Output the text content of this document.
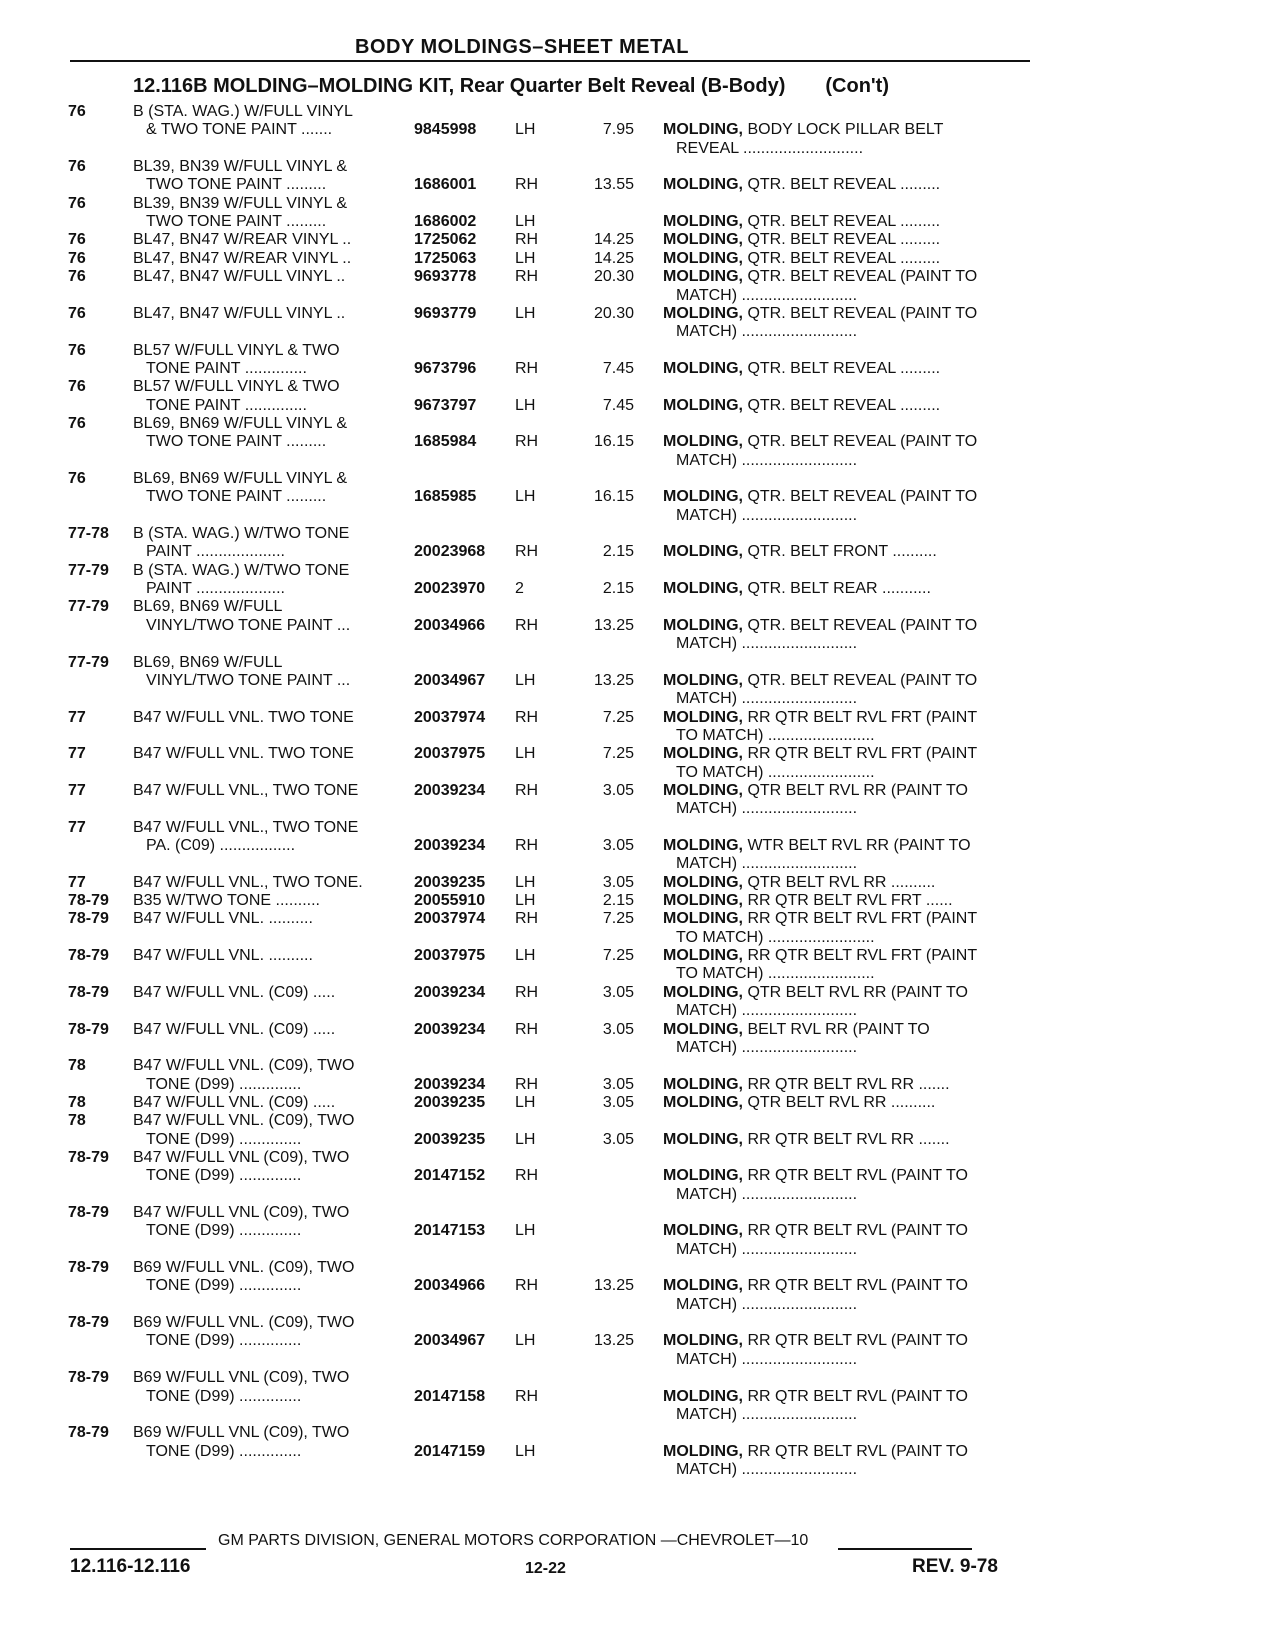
BODY MOLDINGS–SHEET METAL
12.116B MOLDING–MOLDING KIT, Rear Quarter Belt Reveal (B-Body) (Con't)
76	B (STA. WAG.) W/FULL VINYL
& TWO TONE PAINT .......	9845998 LH	7.95 MOLDING, BODY LOCK PILLAR BELT
REVEAL ...........................
76	BL39, BN39 W/FULL VINYL &
TWO TONE PAINT .........	1686001 RH	13.55 MOLDING, QTR. BELT REVEAL .........
76	BL39, BN39 W/FULL VINYL &
TWO TONE PAINT .........	1686002 LH	MOLDING, QTR. BELT REVEAL .........
76	BL47, BN47 W/REAR VINYL ..	1725062 RH	14.25 MOLDING, QTR. BELT REVEAL .........
76	BL47, BN47 W/REAR VINYL ..	1725063 LH	14.25 MOLDING, QTR. BELT REVEAL .........
76	BL47, BN47 W/FULL VINYL ..	9693778 RH	20.30 MOLDING, QTR. BELT REVEAL (PAINT TO
MATCH) ..........................
76	BL47, BN47 W/FULL VINYL ..	9693779 LH	20.30 MOLDING, QTR. BELT REVEAL (PAINT TO
MATCH) ..........................
76	BL57 W/FULL VINYL & TWO
TONE PAINT ..............	9673796 RH	7.45 MOLDING, QTR. BELT REVEAL .........
76	BL57 W/FULL VINYL & TWO
TONE PAINT ..............	9673797 LH	7.45 MOLDING, QTR. BELT REVEAL .........
76	BL69, BN69 W/FULL VINYL &
TWO TONE PAINT .........	1685984 RH	16.15 MOLDING, QTR. BELT REVEAL (PAINT TO
MATCH) ..........................
76	BL69, BN69 W/FULL VINYL &
TWO TONE PAINT .........	1685985 LH	16.15 MOLDING, QTR. BELT REVEAL (PAINT TO
MATCH) ..........................
77-78 B (STA. WAG.) W/TWO TONE
PAINT ....................	20023968 RH	2.15 MOLDING, QTR. BELT FRONT ..........
77-79 B (STA. WAG.) W/TWO TONE
PAINT ....................	20023970 2	2.15 MOLDING, QTR. BELT REAR ...........
77-79 BL69, BN69 W/FULL
VINYL/TWO TONE PAINT ...	20034966 RH	13.25 MOLDING, QTR. BELT REVEAL (PAINT TO
MATCH) ..........................
77-79 BL69, BN69 W/FULL
VINYL/TWO TONE PAINT ...	20034967 LH	13.25 MOLDING, QTR. BELT REVEAL (PAINT TO
MATCH) ..........................
77	B47 W/FULL VNL. TWO TONE	20037974 RH	7.25 MOLDING, RR QTR BELT RVL FRT (PAINT
TO MATCH) ........................
77	B47 W/FULL VNL. TWO TONE	20037975 LH	7.25 MOLDING, RR QTR BELT RVL FRT (PAINT
TO MATCH) ........................
77	B47 W/FULL VNL., TWO TONE	20039234 RH	3.05 MOLDING, QTR BELT RVL RR (PAINT TO
MATCH) ..........................
77	B47 W/FULL VNL., TWO TONE
PA. (C09) .................	20039234 RH	3.05 MOLDING, WTR BELT RVL RR (PAINT TO
MATCH) ..........................
77	B47 W/FULL VNL., TWO TONE.	20039235 LH	3.05 MOLDING, QTR BELT RVL RR ..........
78-79 B35 W/TWO TONE ..........	20055910 LH	2.15 MOLDING, RR QTR BELT RVL FRT ......
78-79 B47 W/FULL VNL. ..........	20037974 RH	7.25 MOLDING, RR QTR BELT RVL FRT (PAINT
TO MATCH) ........................
78-79 B47 W/FULL VNL. ..........	20037975 LH	7.25 MOLDING, RR QTR BELT RVL FRT (PAINT
TO MATCH) ........................
78-79 B47 W/FULL VNL. (C09) .....	20039234 RH	3.05 MOLDING, QTR BELT RVL RR (PAINT TO
MATCH) ..........................
78-79 B47 W/FULL VNL. (C09) .....	20039234 RH	3.05 MOLDING, BELT RVL RR (PAINT TO
MATCH) ..........................
78	B47 W/FULL VNL. (C09), TWO
TONE (D99) ..............	20039234 RH	3.05 MOLDING, RR QTR BELT RVL RR .......
78	B47 W/FULL VNL. (C09) .....	20039235 LH	3.05 MOLDING, QTR BELT RVL RR ..........
78	B47 W/FULL VNL. (C09), TWO
TONE (D99) ..............	20039235 LH	3.05 MOLDING, RR QTR BELT RVL RR .......
78-79 B47 W/FULL VNL (C09), TWO
TONE (D99) ..............	20147152 RH	MOLDING, RR QTR BELT RVL (PAINT TO
MATCH) ..........................
78-79 B47 W/FULL VNL (C09), TWO
TONE (D99) ..............	20147153 LH	MOLDING, RR QTR BELT RVL (PAINT TO
MATCH) ..........................
78-79 B69 W/FULL VNL. (C09), TWO
TONE (D99) ..............	20034966 RH	13.25 MOLDING, RR QTR BELT RVL (PAINT TO
MATCH) ..........................
78-79 B69 W/FULL VNL. (C09), TWO
TONE (D99) ..............	20034967 LH	13.25 MOLDING, RR QTR BELT RVL (PAINT TO
MATCH) ..........................
78-79 B69 W/FULL VNL (C09), TWO
TONE (D99) ..............	20147158 RH	MOLDING, RR QTR BELT RVL (PAINT TO
MATCH) ..........................
78-79 B69 W/FULL VNL (C09), TWO
TONE (D99) ..............	20147159 LH	MOLDING, RR QTR BELT RVL (PAINT TO
MATCH) ..........................
GM PARTS DIVISION, GENERAL MOTORS CORPORATION —CHEVROLET—10
12.116-12.116	12-22	REV. 9-78
